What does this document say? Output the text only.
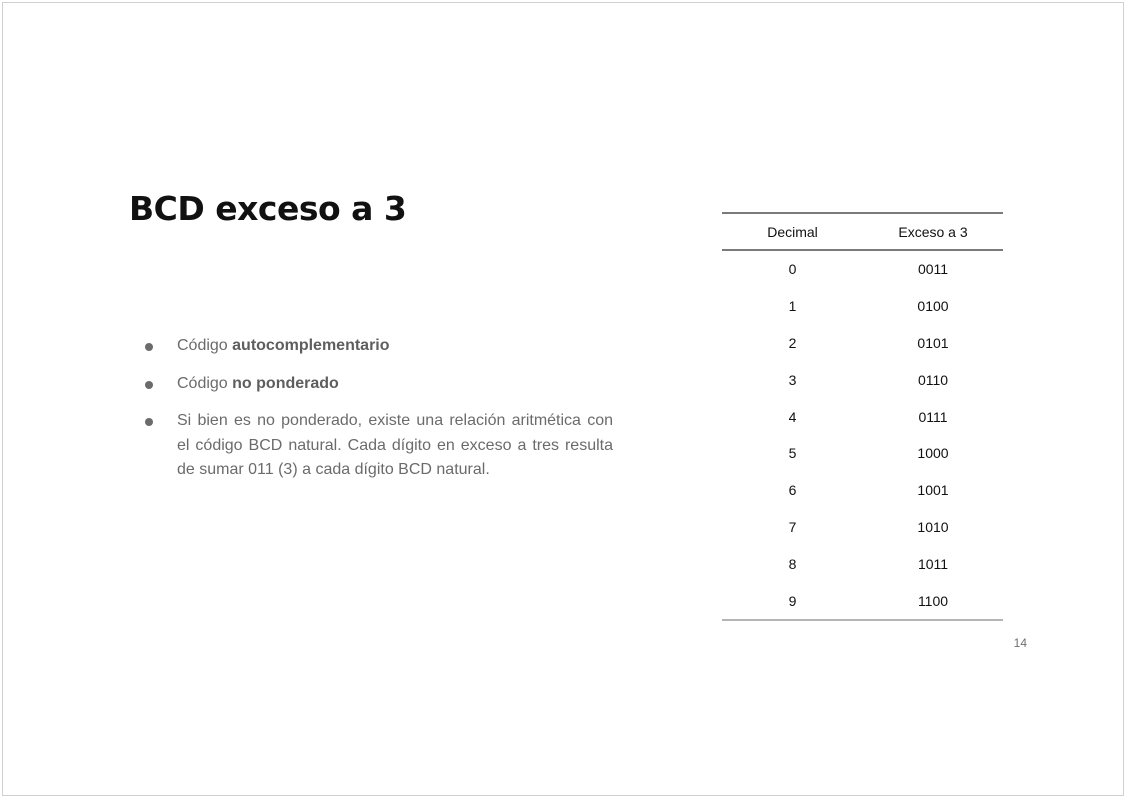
BCD exceso a 3
Código autocomplementario
Código no ponderado
Si bien es no ponderado, existe una relación aritmética con el código BCD natural. Cada dígito en exceso a tres resulta de sumar 011 (3) a cada dígito BCD natural.
Decimal	Exceso a 3
0	0011
1	0100
2	0101
3	0110
4	0111
5	1000
6	1001
7	1010
8	1011
9	1100
14
